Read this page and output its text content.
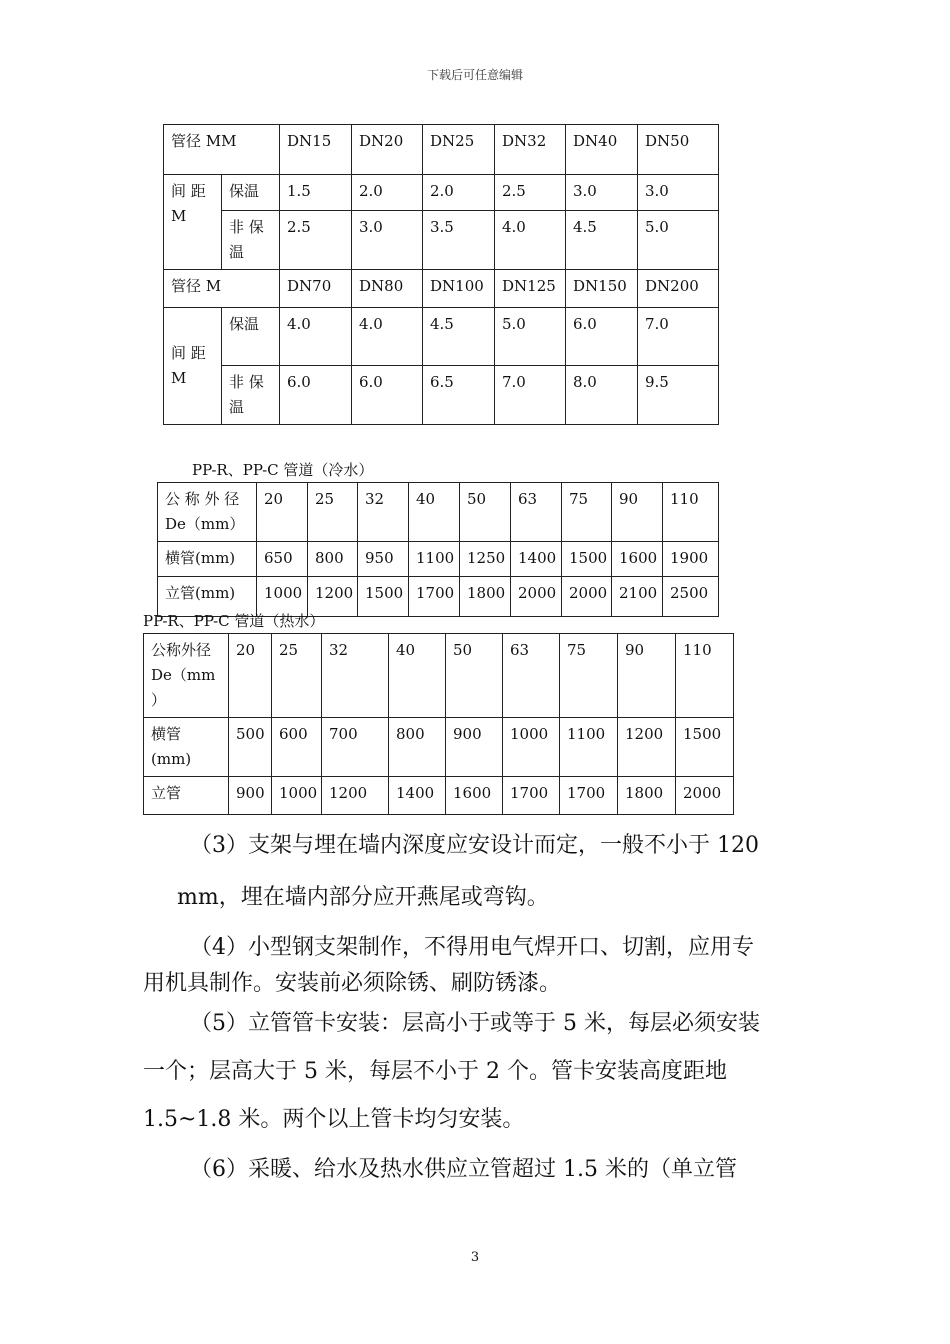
下载后可任意编辑
管径 MM		DN15	DN20	DN25	DN32	DN40	DN50
间 距 M	保温	1.5	2.0	2.0	2.5	3.0	3.0
	非 保 温	2.5	3.0	3.5	4.0	4.5	5.0
管径 M		DN70	DN80	DN100	DN125	DN150	DN200
间 距 M	保温	4.0	4.0	4.5	5.0	6.0	7.0
	非 保 温	6.0	6.0	6.5	7.0	8.0	9.5
PP-R、PP-C 管道（冷水）
公 称 外 径 De（mm）	20	25	32	40	50	63	75	90	110
横管(mm)	650	800	950	1100	1250	1400	1500	1600	1900
立管(mm)	1000	1200	1500	1700	1800	2000	2000	2100	2500
PP-R、PP-C 管道（热水）
公称外径 De（mm ）	20	25	32	40	50	63	75	90	110
横管 (mm)	500	600	700	800	900	1000	1100	1200	1500
立管	900	1000	1200	1400	1600	1700	1700	1800	2000
（3）支架与埋在墙内深度应安设计而定，一般不小于 120
mm，埋在墙内部分应开燕尾或弯钩。
（4）小型钢支架制作，不得用电气焊开口、切割，应用专
用机具制作。安装前必须除锈、刷防锈漆。
（5）立管管卡安装：层高小于或等于 5 米，每层必须安装
一个；层高大于 5 米，每层不小于 2 个。管卡安装高度距地
1.5~1.8 米。两个以上管卡均匀安装。
（6）采暖、给水及热水供应立管超过 1.5 米的（单立管
3
